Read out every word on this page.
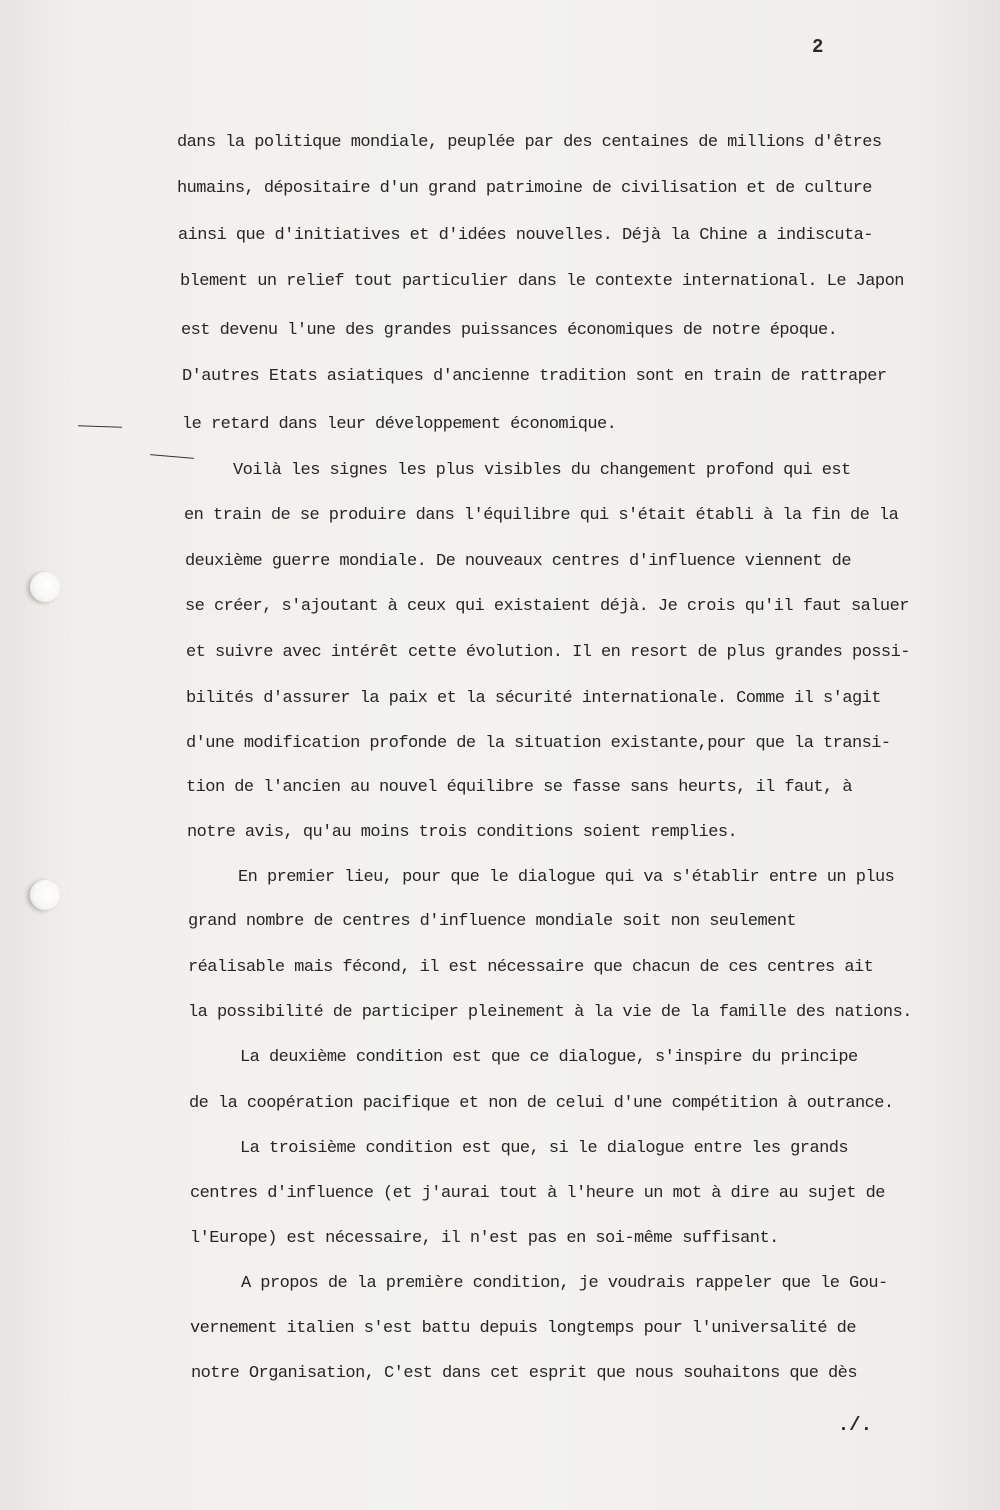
2

dans la politique mondiale, peuplée par des centaines de millions d'êtres

humains, dépositaire d'un grand patrimoine de civilisation et de culture

ainsi que d'initiatives et d'idées nouvelles. Déjà la Chine a indiscuta-

blement un relief tout particulier dans le contexte international. Le Japon

est devenu l'une des grandes puissances économiques de notre époque.

D'autres Etats asiatiques d'ancienne tradition sont en train de rattraper

le retard dans leur développement économique.

Voilà les signes les plus visibles du changement profond qui est

en train de se produire dans l'équilibre qui s'était établi à la fin de la

deuxième guerre mondiale. De nouveaux centres d'influence viennent de

se créer, s'ajoutant à ceux qui existaient déjà. Je crois qu'il faut saluer

et suivre avec intérêt cette évolution. Il en resort de plus grandes possi-

bilités d'assurer la paix et la sécurité internationale. Comme il s'agit

d'une modification profonde de la situation existante,pour que la transi-

tion de l'ancien au nouvel équilibre se fasse sans heurts, il faut, à

notre avis, qu'au moins trois conditions soient remplies.

En premier lieu, pour que le dialogue qui va s'établir entre un plus

grand nombre de centres d'influence mondiale soit non seulement

réalisable mais fécond, il est nécessaire que chacun de ces centres ait

la possibilité de participer pleinement à la vie de la famille des nations.

La deuxième condition est que ce dialogue, s'inspire du principe

de la coopération pacifique et non de celui d'une compétition à outrance.

La troisième condition est que, si le dialogue entre les grands

centres d'influence (et j'aurai tout à l'heure un mot à dire au sujet de

l'Europe) est nécessaire, il n'est pas en soi-même suffisant.

A propos de la première condition, je voudrais rappeler que le Gou-

vernement italien s'est battu depuis longtemps pour l'universalité de

notre Organisation, C'est dans cet esprit que nous souhaitons que dès

./.
